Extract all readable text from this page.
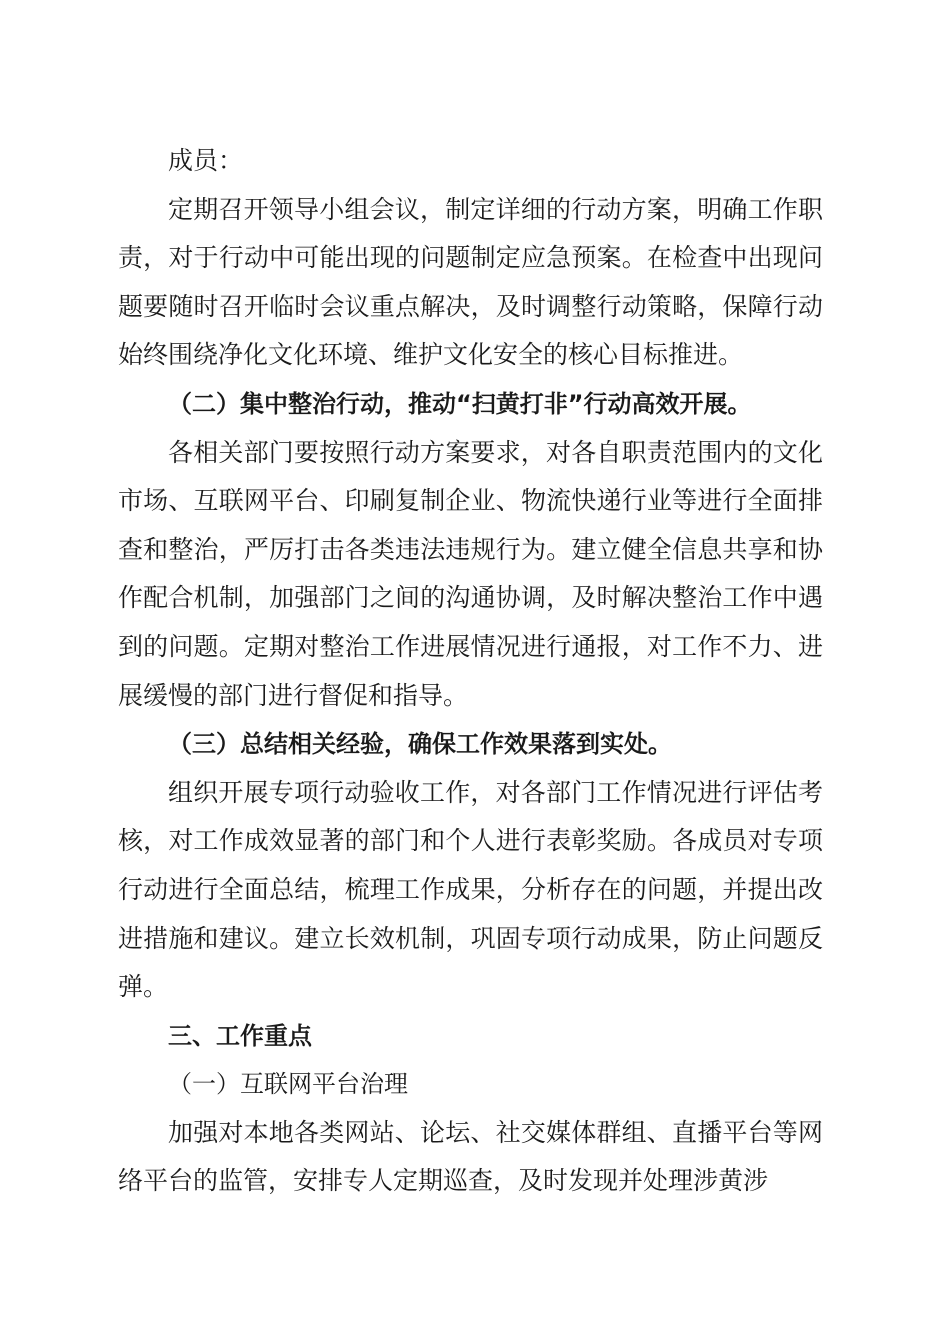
成员：

定期召开领导小组会议，制定详细的行动方案，明确工作职责，对于行动中可能出现的问题制定应急预案。在检查中出现问题要随时召开临时会议重点解决，及时调整行动策略，保障行动始终围绕净化文化环境、维护文化安全的核心目标推进。

（二）集中整治行动，推动“扫黄打非”行动高效开展。

各相关部门要按照行动方案要求，对各自职责范围内的文化市场、互联网平台、印刷复制企业、物流快递行业等进行全面排查和整治，严厉打击各类违法违规行为。建立健全信息共享和协作配合机制，加强部门之间的沟通协调，及时解决整治工作中遇到的问题。定期对整治工作进展情况进行通报，对工作不力、进展缓慢的部门进行督促和指导。

（三）总结相关经验，确保工作效果落到实处。

组织开展专项行动验收工作，对各部门工作情况进行评估考核，对工作成效显著的部门和个人进行表彰奖励。各成员对专项行动进行全面总结，梳理工作成果，分析存在的问题，并提出改进措施和建议。建立长效机制，巩固专项行动成果，防止问题反弹。

三、工作重点

（一）互联网平台治理

加强对本地各类网站、论坛、社交媒体群组、直播平台等网络平台的监管，安排专人定期巡查，及时发现并处理涉黄涉
